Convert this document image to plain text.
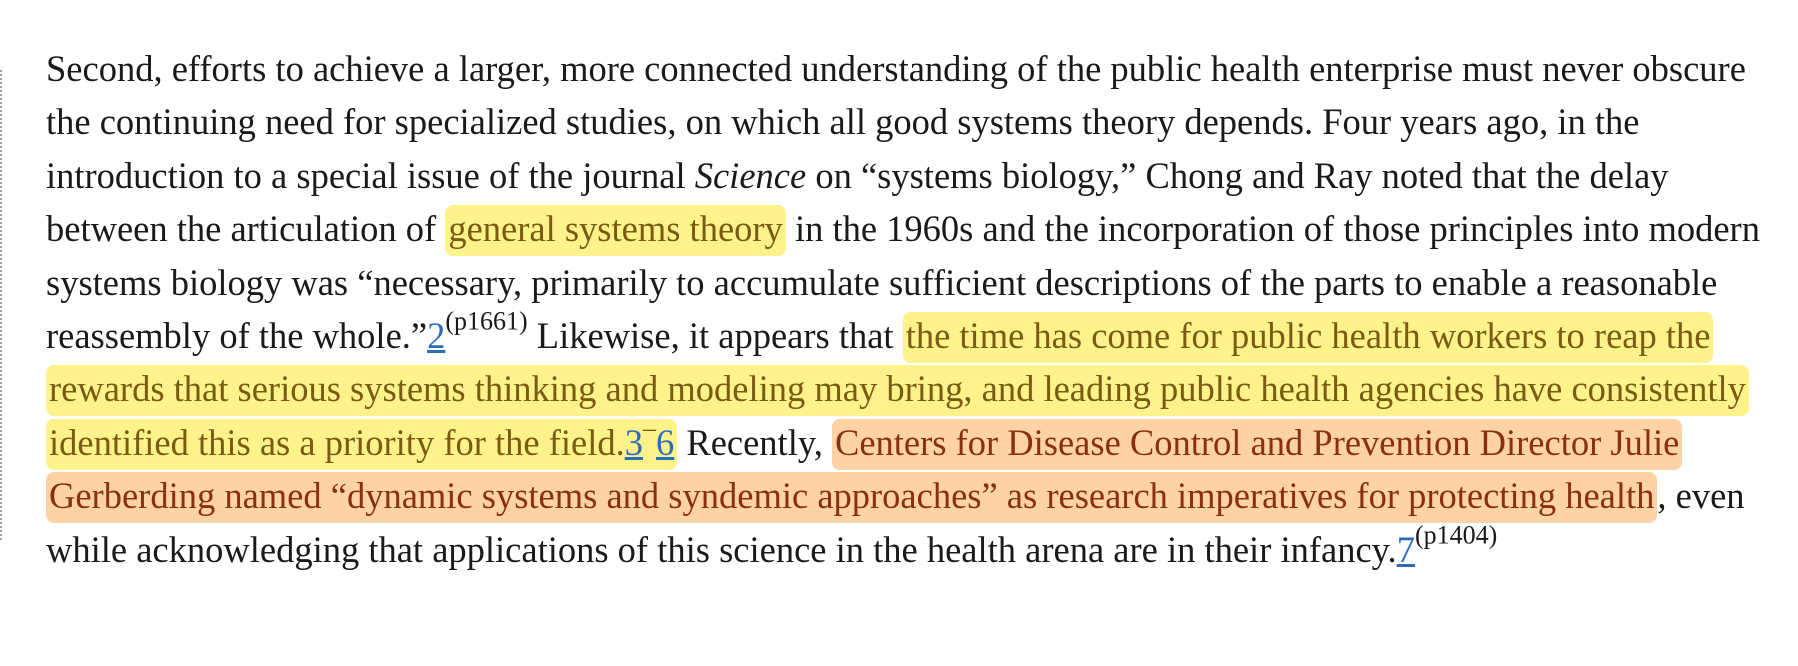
Second, efforts to achieve a larger, more connected understanding of the public health enterprise must never obscure the continuing need for specialized studies, on which all good systems theory depends. Four years ago, in the introduction to a special issue of the journal Science on “systems biology,” Chong and Ray noted that the delay between the articulation of general systems theory in the 1960s and the incorporation of those principles into modern systems biology was “necessary, primarily to accumulate sufficient descriptions of the parts to enable a reasonable reassembly of the $whole.”2^{(p1661)}$ Likewise, it appears that the time has come for public health workers to reap the rewards that serious systems thinking and modeling may bring, and leading public health agencies have consistently identified this as a priority for the field.3–6 Recently, Centers for Disease Control and Prevention Director Julie Gerberding named “dynamic systems and syndemic approaches” as research imperatives for protecting health, even while acknowledging that applications of this science in the health arena are in their $infancy.7^{(p1404)}$
